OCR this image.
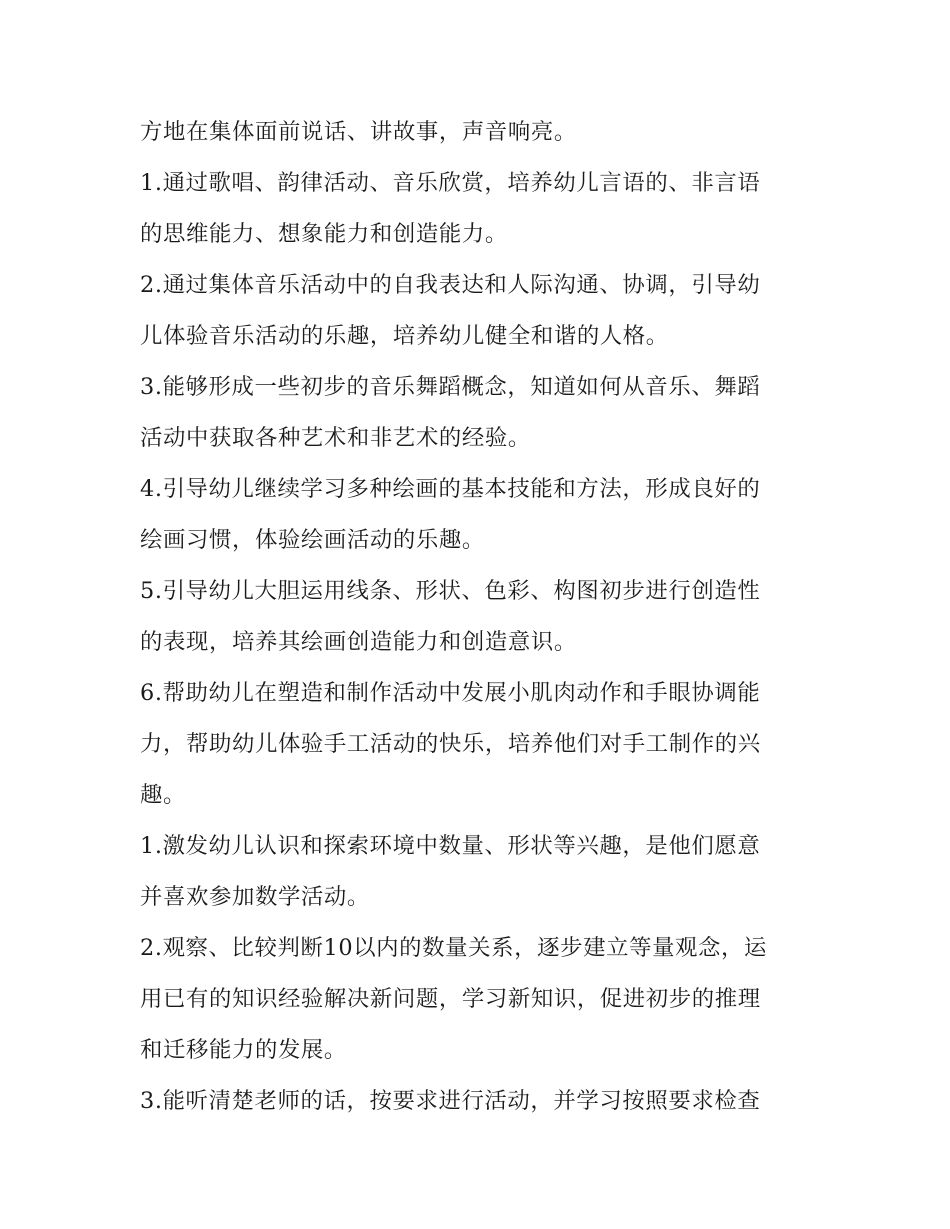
方地在集体面前说话、讲故事，声音响亮。

1.通过歌唱、韵律活动、音乐欣赏，培养幼儿言语的、非言语

的思维能力、想象能力和创造能力。

2.通过集体音乐活动中的自我表达和人际沟通、协调，引导幼

儿体验音乐活动的乐趣，培养幼儿健全和谐的人格。

3.能够形成一些初步的音乐舞蹈概念，知道如何从音乐、舞蹈

活动中获取各种艺术和非艺术的经验。

4.引导幼儿继续学习多种绘画的基本技能和方法，形成良好的

绘画习惯，体验绘画活动的乐趣。

5.引导幼儿大胆运用线条、形状、色彩、构图初步进行创造性

的表现，培养其绘画创造能力和创造意识。

6.帮助幼儿在塑造和制作活动中发展小肌肉动作和手眼协调能

力，帮助幼儿体验手工活动的快乐，培养他们对手工制作的兴

趣。

1.激发幼儿认识和探索环境中数量、形状等兴趣，是他们愿意

并喜欢参加数学活动。

2.观察、比较判断10以内的数量关系，逐步建立等量观念，运

用已有的知识经验解决新问题，学习新知识，促进初步的推理

和迁移能力的发展。

3.能听清楚老师的话，按要求进行活动，并学习按照要求检查
